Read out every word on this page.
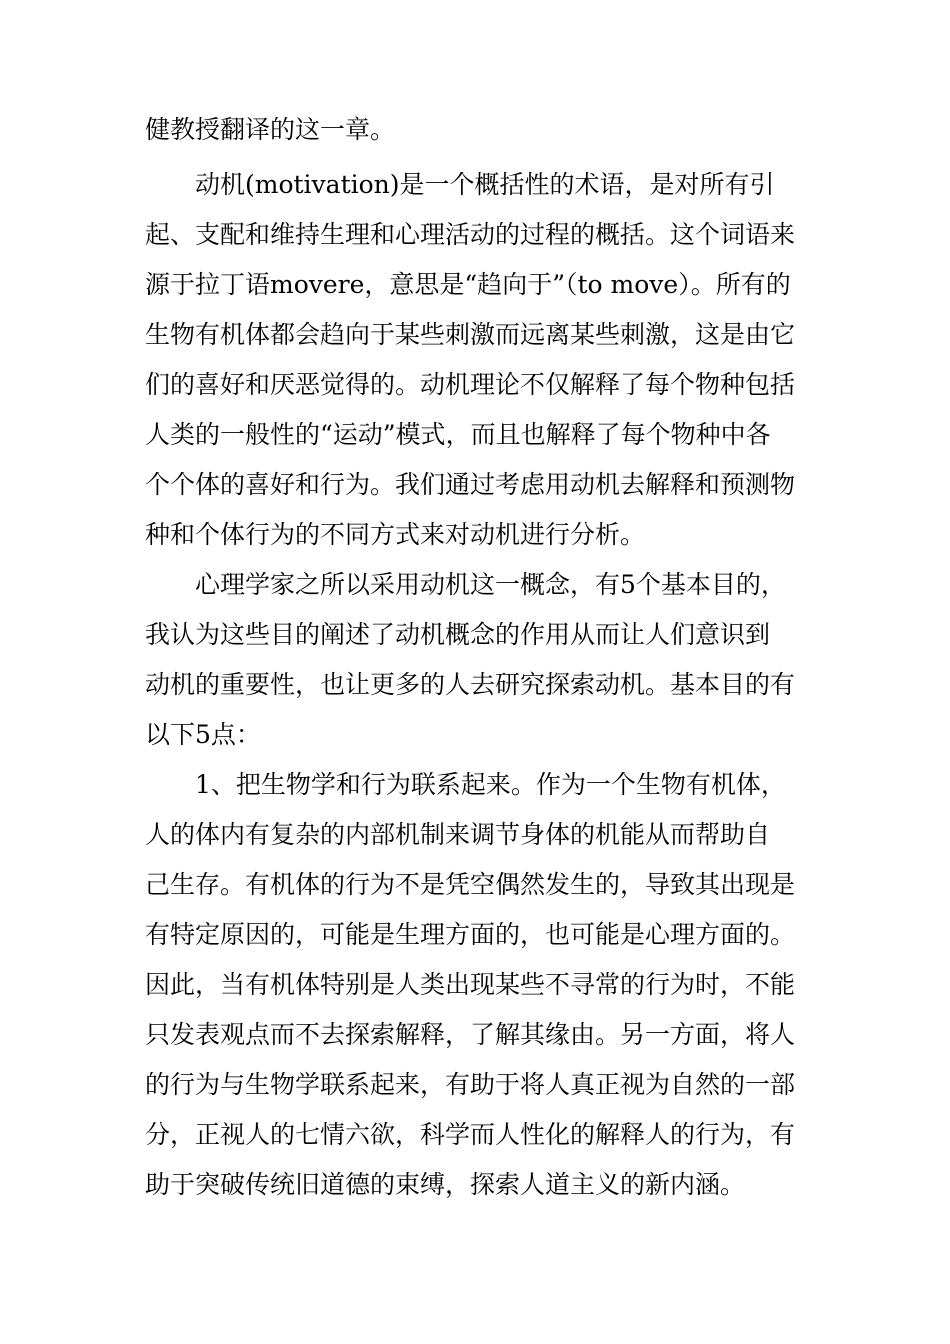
健教授翻译的这一章。
　　动机(motivation)是一个概括性的术语，是对所有引
起、支配和维持生理和心理活动的过程的概括。这个词语来
源于拉丁语movere，意思是“趋向于”（to move）。所有的
生物有机体都会趋向于某些刺激而远离某些刺激，这是由它
们的喜好和厌恶觉得的。动机理论不仅解释了每个物种包括
人类的一般性的“运动”模式，而且也解释了每个物种中各
个个体的喜好和行为。我们通过考虑用动机去解释和预测物
种和个体行为的不同方式来对动机进行分析。
　　心理学家之所以采用动机这一概念，有5个基本目的，
我认为这些目的阐述了动机概念的作用从而让人们意识到
动机的重要性，也让更多的人去研究探索动机。基本目的有
以下5点：
　　1、把生物学和行为联系起来。作为一个生物有机体，
人的体内有复杂的内部机制来调节身体的机能从而帮助自
己生存。有机体的行为不是凭空偶然发生的，导致其出现是
有特定原因的，可能是生理方面的，也可能是心理方面的。
因此，当有机体特别是人类出现某些不寻常的行为时，不能
只发表观点而不去探索解释，了解其缘由。另一方面，将人
的行为与生物学联系起来，有助于将人真正视为自然的一部
分，正视人的七情六欲，科学而人性化的解释人的行为，有
助于突破传统旧道德的束缚，探索人道主义的新内涵。
